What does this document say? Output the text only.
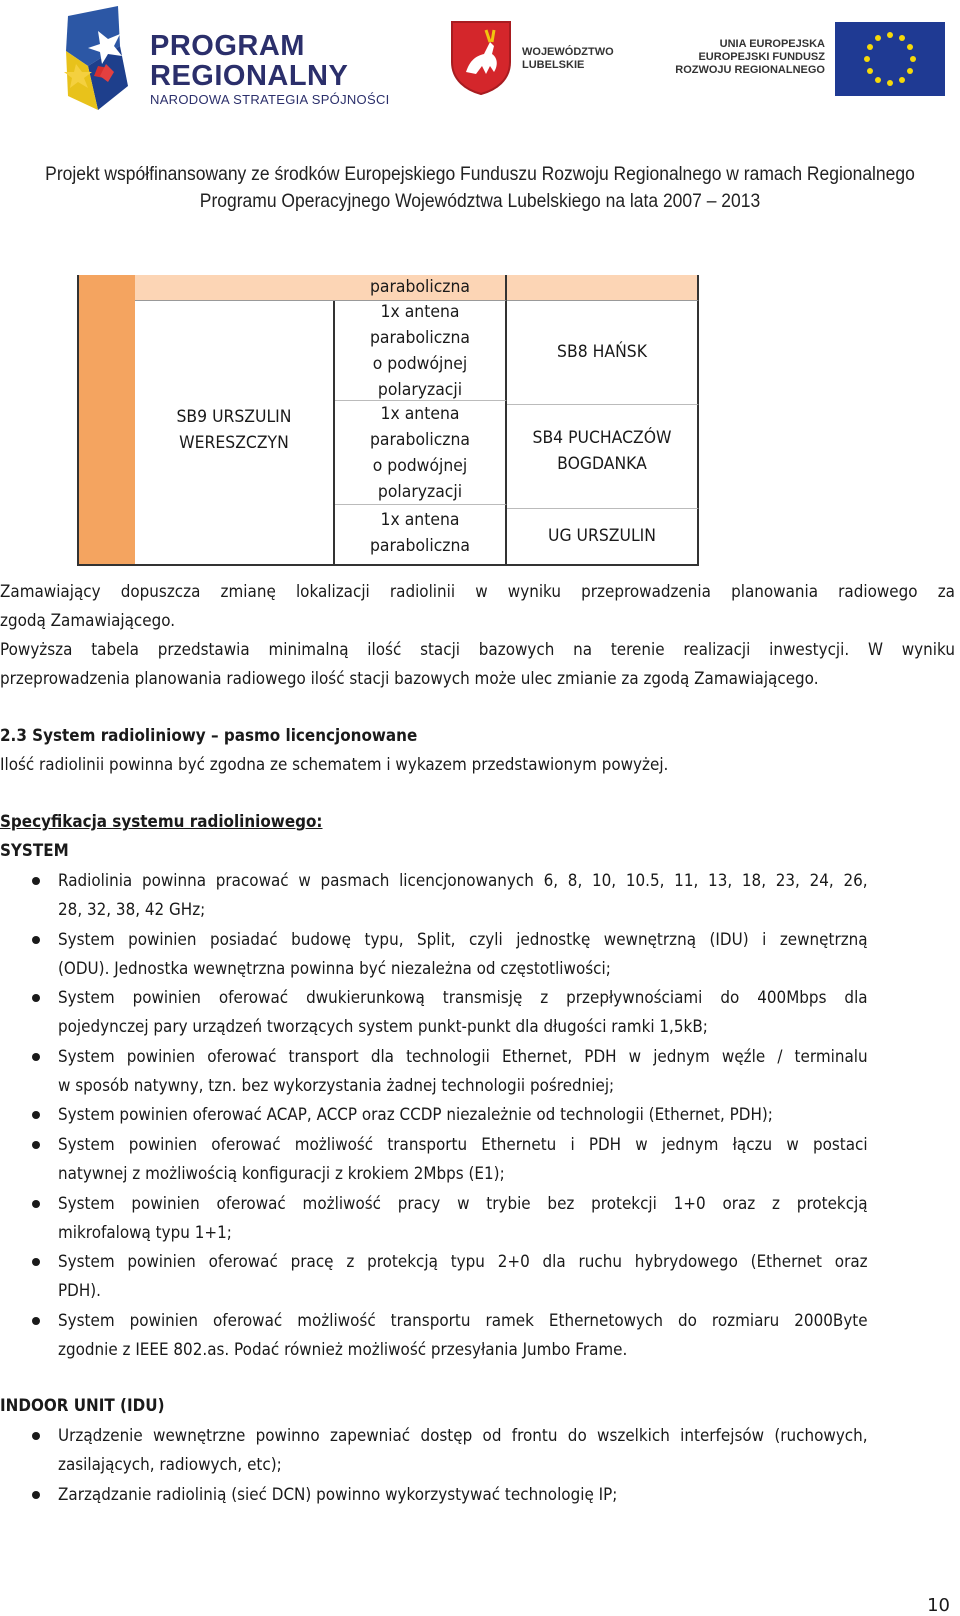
PROGRAM
REGIONALNY
NARODOWA STRATEGIA SPÓJNOŚCI
WOJEWÓDZTWO
LUBELSKIE
UNIA EUROPEJSKA
EUROPEJSKI FUNDUSZ
ROZWOJU REGIONALNEGO
Projekt współfinansowany ze środków Europejskiego Funduszu Rozwoju Regionalnego w ramach Regionalnego
Programu Operacyjnego Województwa Lubelskiego na lata 2007 – 2013
SB9 URSZULIN
WERESZCZYN
paraboliczna
1x antena
paraboliczna
o podwójnej
polaryzacji
1x antena
paraboliczna
o podwójnej
polaryzacji
1x antena
paraboliczna
SB8 HAŃSK
SB4 PUCHACZÓW
BOGDANKA
UG URSZULIN
Zamawiający dopuszcza zmianę lokalizacji radiolinii w wyniku przeprowadzenia planowania radiowego za
zgodą Zamawiającego.
Powyższa tabela przedstawia minimalną ilość stacji bazowych na terenie realizacji inwestycji. W wyniku
przeprowadzenia planowania radiowego ilość stacji bazowych może ulec zmianie za zgodą Zamawiającego.
2.3 System radioliniowy – pasmo licencjonowane
Ilość radiolinii powinna być zgodna ze schematem i wykazem przedstawionym powyżej.
Specyfikacja systemu radioliniowego:
SYSTEM
Radiolinia powinna pracować w pasmach licencjonowanych 6, 8, 10, 10.5, 11, 13, 18, 23, 24, 26,
28, 32, 38, 42 GHz;
System powinien posiadać budowę typu, Split, czyli jednostkę wewnętrzną (IDU) i zewnętrzną
(ODU). Jednostka wewnętrzna powinna być niezależna od częstotliwości;
System powinien oferować dwukierunkową transmisję z przepływnościami do 400Mbps dla
pojedynczej pary urządzeń tworzących system punkt-punkt dla długości ramki 1,5kB;
System powinien oferować transport dla technologii Ethernet, PDH w jednym węźle / terminalu
w sposób natywny, tzn. bez wykorzystania żadnej technologii pośredniej;
System powinien oferować ACAP, ACCP oraz CCDP niezależnie od technologii (Ethernet, PDH);
System powinien oferować możliwość transportu Ethernetu i PDH w jednym łączu w postaci
natywnej z możliwością konfiguracji z krokiem 2Mbps (E1);
System powinien oferować możliwość pracy w trybie bez protekcji 1+0 oraz z protekcją
mikrofalową typu 1+1;
System powinien oferować pracę z protekcją typu 2+0 dla ruchu hybrydowego (Ethernet oraz
PDH).
System powinien oferować możliwość transportu ramek Ethernetowych do rozmiaru 2000Byte
zgodnie z IEEE 802.as. Podać również możliwość przesyłania Jumbo Frame.
INDOOR UNIT (IDU)
Urządzenie wewnętrzne powinno zapewniać dostęp od frontu do wszelkich interfejsów (ruchowych,
zasilających, radiowych, etc);
Zarządzanie radiolinią (sieć DCN) powinno wykorzystywać technologię IP;
10
